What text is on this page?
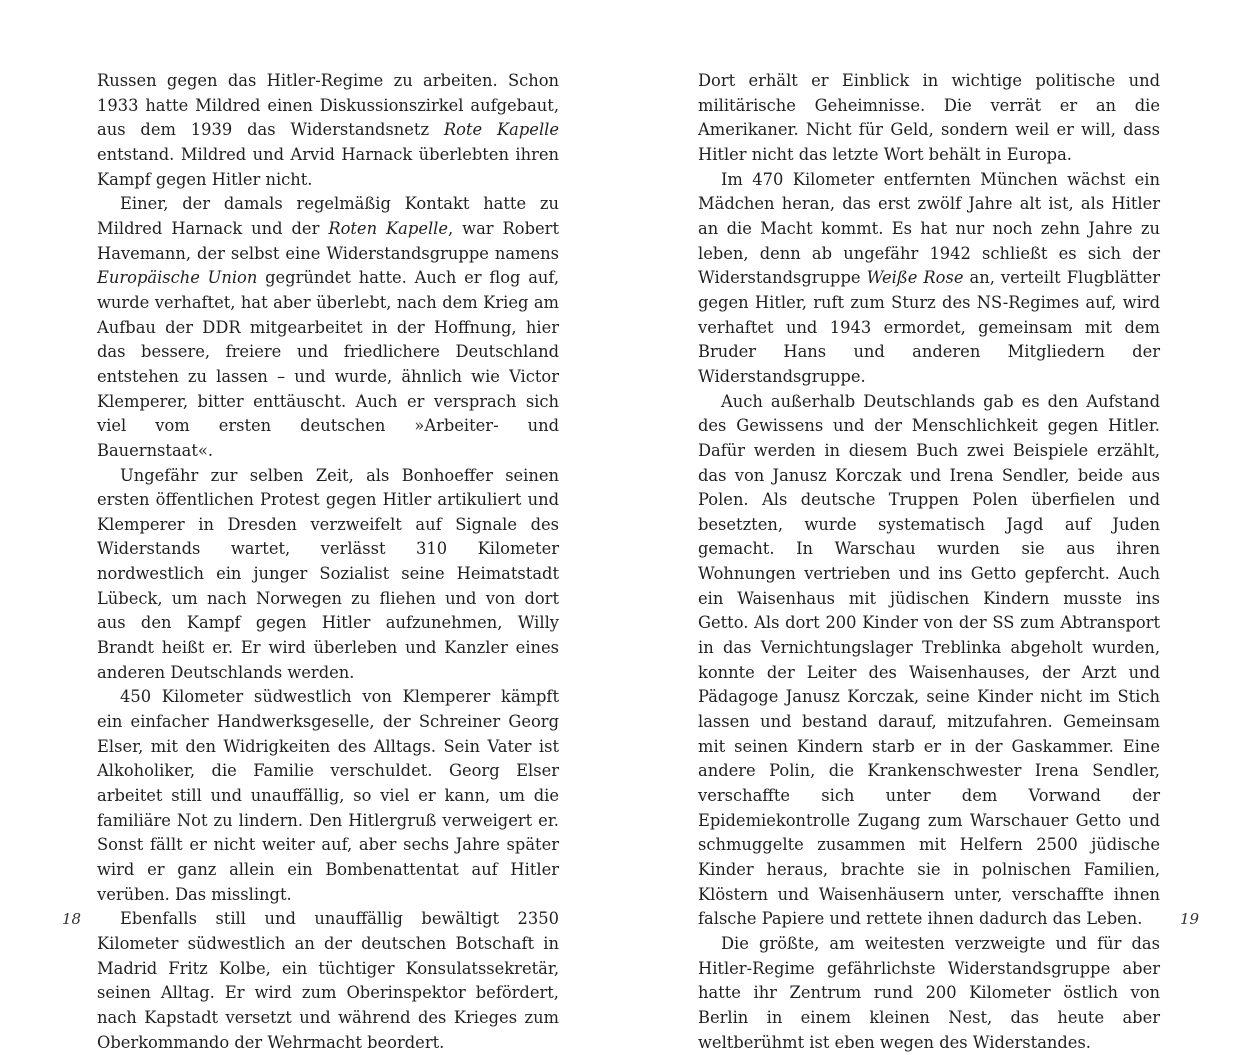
Russen gegen das Hitler-Regime zu arbeiten. Schon 1933 hatte Mildred einen Diskussionszirkel aufgebaut, aus dem 1939 das Widerstandsnetz Rote Kapelle entstand. Mildred und Arvid Harnack überlebten ihren Kampf gegen Hitler nicht.

Einer, der damals regelmäßig Kontakt hatte zu Mildred Harnack und der Roten Kapelle, war Robert Havemann, der selbst eine Widerstandsgruppe namens Europäische Union gegründet hatte. Auch er flog auf, wurde verhaftet, hat aber überlebt, nach dem Krieg am Aufbau der DDR mitgearbeitet in der Hoffnung, hier das bessere, freiere und friedlichere Deutschland entstehen zu lassen – und wurde, ähnlich wie Victor Klemperer, bitter enttäuscht. Auch er versprach sich viel vom ersten deutschen »Arbeiter- und Bauernstaat«.

Ungefähr zur selben Zeit, als Bonhoeffer seinen ersten öffentlichen Protest gegen Hitler artikuliert und Klemperer in Dresden verzweifelt auf Signale des Widerstands wartet, verlässt 310 Kilometer nordwestlich ein junger Sozialist seine Heimatstadt Lübeck, um nach Norwegen zu fliehen und von dort aus den Kampf gegen Hitler aufzunehmen, Willy Brandt heißt er. Er wird überleben und Kanzler eines anderen Deutschlands werden.

450 Kilometer südwestlich von Klemperer kämpft ein einfacher Handwerksgeselle, der Schreiner Georg Elser, mit den Widrigkeiten des Alltags. Sein Vater ist Alkoholiker, die Familie verschuldet. Georg Elser arbeitet still und unauffällig, so viel er kann, um die familiäre Not zu lindern. Den Hitlergruß verweigert er. Sonst fällt er nicht weiter auf, aber sechs Jahre später wird er ganz allein ein Bombenattentat auf Hitler verüben. Das misslingt.

Ebenfalls still und unauffällig bewältigt 2350 Kilometer südwestlich an der deutschen Botschaft in Madrid Fritz Kolbe, ein tüchtiger Konsulatssekretär, seinen Alltag. Er wird zum Oberinspektor befördert, nach Kapstadt versetzt und während des Krieges zum Oberkommando der Wehrmacht beordert.

18

Dort erhält er Einblick in wichtige politische und militärische Geheimnisse. Die verrät er an die Amerikaner. Nicht für Geld, sondern weil er will, dass Hitler nicht das letzte Wort behält in Europa.

Im 470 Kilometer entfernten München wächst ein Mädchen heran, das erst zwölf Jahre alt ist, als Hitler an die Macht kommt. Es hat nur noch zehn Jahre zu leben, denn ab ungefähr 1942 schließt es sich der Widerstandsgruppe Weiße Rose an, verteilt Flugblätter gegen Hitler, ruft zum Sturz des NS-Regimes auf, wird verhaftet und 1943 ermordet, gemeinsam mit dem Bruder Hans und anderen Mitgliedern der Widerstandsgruppe.

Auch außerhalb Deutschlands gab es den Aufstand des Gewissens und der Menschlichkeit gegen Hitler. Dafür werden in diesem Buch zwei Beispiele erzählt, das von Janusz Korczak und Irena Sendler, beide aus Polen. Als deutsche Truppen Polen überfielen und besetzten, wurde systematisch Jagd auf Juden gemacht. In Warschau wurden sie aus ihren Wohnungen vertrieben und ins Getto gepfercht. Auch ein Waisenhaus mit jüdischen Kindern musste ins Getto. Als dort 200 Kinder von der SS zum Abtransport in das Vernichtungslager Treblinka abgeholt wurden, konnte der Leiter des Waisenhauses, der Arzt und Pädagoge Janusz Korczak, seine Kinder nicht im Stich lassen und bestand darauf, mitzufahren. Gemeinsam mit seinen Kindern starb er in der Gaskammer. Eine andere Polin, die Krankenschwester Irena Sendler, verschaffte sich unter dem Vorwand der Epidemiekontrolle Zugang zum Warschauer Getto und schmuggelte zusammen mit Helfern 2500 jüdische Kinder heraus, brachte sie in polnischen Familien, Klöstern und Waisenhäusern unter, verschaffte ihnen falsche Papiere und rettete ihnen dadurch das Leben.

Die größte, am weitesten verzweigte und für das Hitler-Regime gefährlichste Widerstandsgruppe aber hatte ihr Zentrum rund 200 Kilometer östlich von Berlin in einem kleinen Nest, das heute aber weltberühmt ist eben wegen des Widerstandes.

19
